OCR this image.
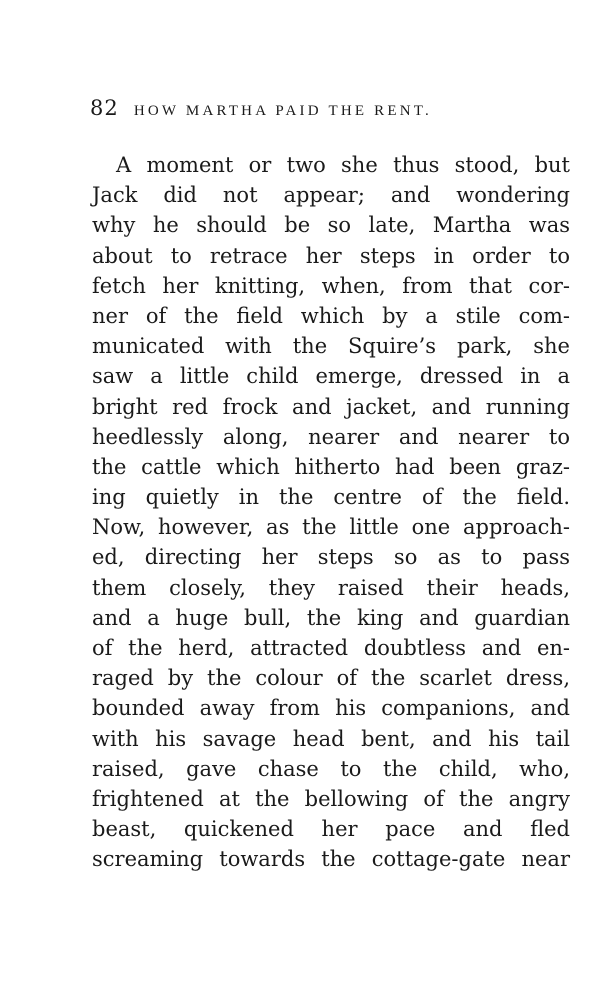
82 HOW MARTHA PAID THE RENT.
A moment or two she thus stood, but
Jack did not appear; and wondering
why he should be so late, Martha was
about to retrace her steps in order to
fetch her knitting, when, from that cor-
ner of the field which by a stile com-
municated with the Squire’s park, she
saw a little child emerge, dressed in a
bright red frock and jacket, and running
heedlessly along, nearer and nearer to
the cattle which hitherto had been graz-
ing quietly in the centre of the field.
Now, however, as the little one approach-
ed, directing her steps so as to pass
them closely, they raised their heads,
and a huge bull, the king and guardian
of the herd, attracted doubtless and en-
raged by the colour of the scarlet dress,
bounded away from his companions, and
with his savage head bent, and his tail
raised, gave chase to the child, who,
frightened at the bellowing of the angry
beast, quickened her pace and fled
screaming towards the cottage-gate near
